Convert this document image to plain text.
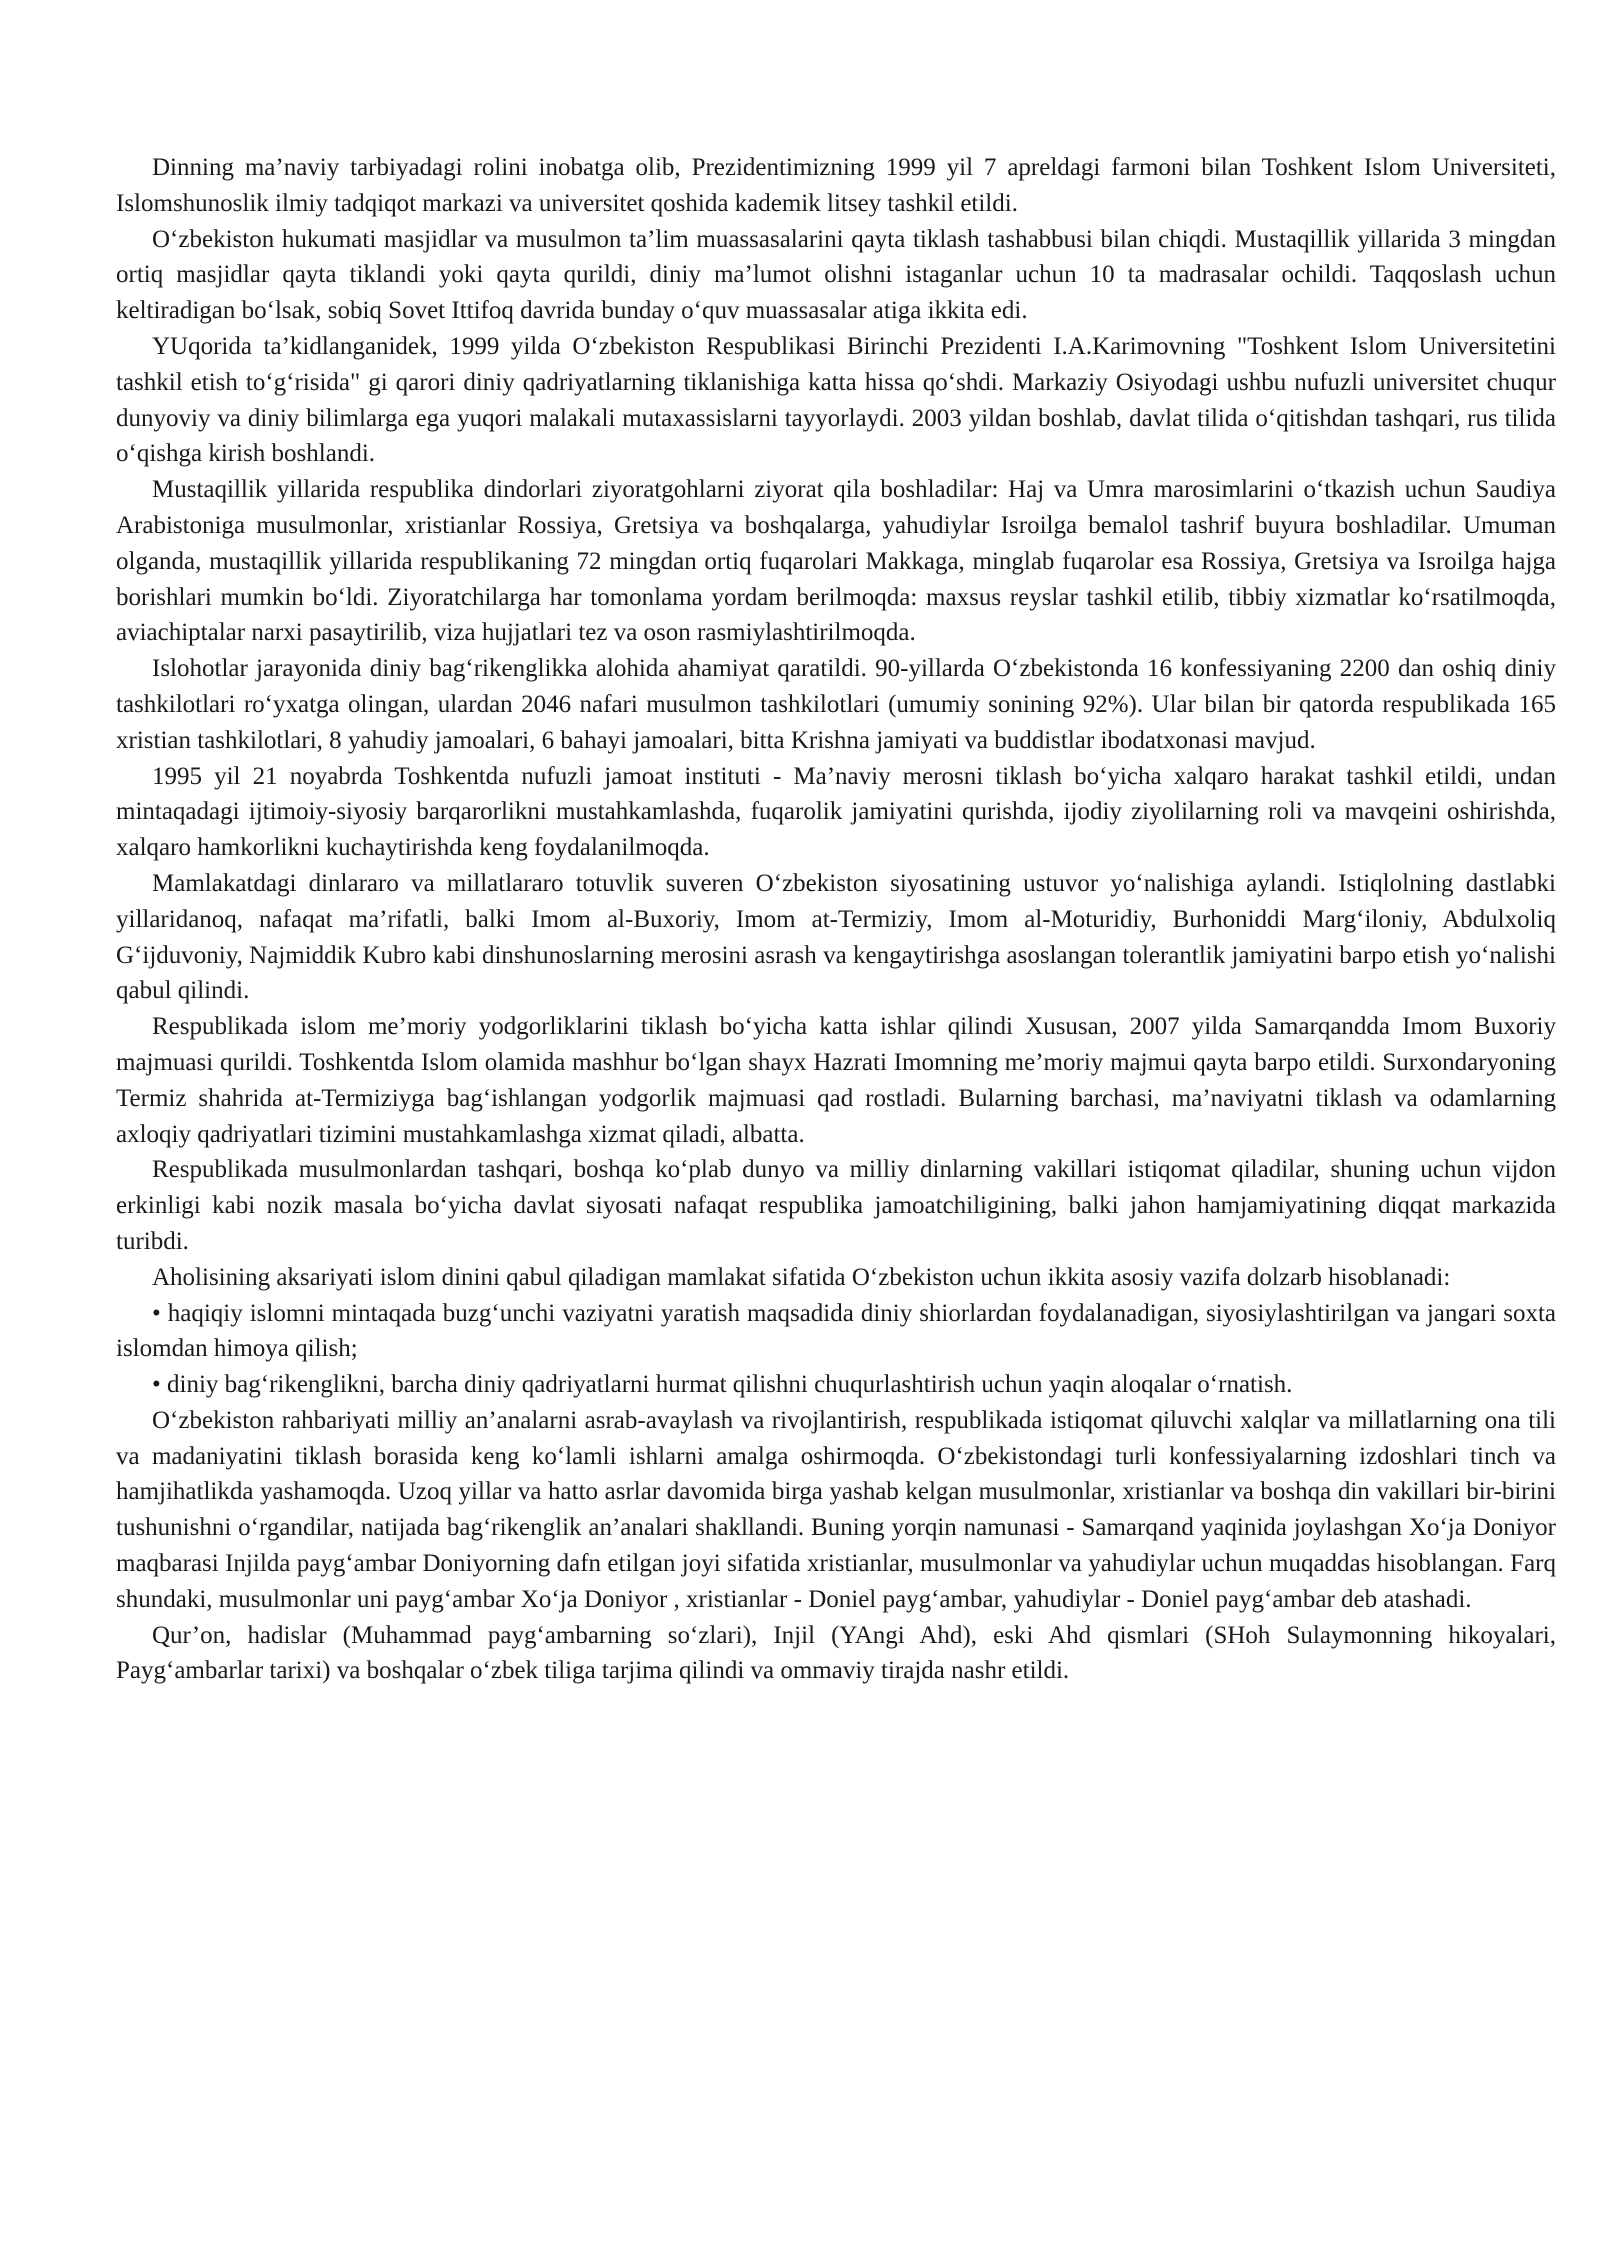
Dinning ma’naviy tarbiyadagi rolini inobatga olib, Prezidentimizning 1999 yil 7 apreldagi farmoni bilan Toshkent Islom Universiteti, Islomshunoslik ilmiy tadqiqot markazi va universitet qoshida kademik litsey tashkil etildi.

O‘zbekiston hukumati masjidlar va musulmon ta’lim muassasalarini qayta tiklash tashabbusi bilan chiqdi. Mustaqillik yillarida 3 mingdan ortiq masjidlar qayta tiklandi yoki qayta qurildi, diniy ma’lumot olishni istaganlar uchun 10 ta madrasalar ochildi. Taqqoslash uchun keltiradigan bo‘lsak, sobiq Sovet Ittifoq davrida bunday o‘quv muassasalar atiga ikkita edi.

YUqorida ta’kidlanganidek, 1999 yilda O‘zbekiston Respublikasi Birinchi Prezidenti I.A.Karimovning "Toshkent Islom Universitetini tashkil etish to‘g‘risida" gi qarori diniy qadriyatlarning tiklanishiga katta hissa qo‘shdi. Markaziy Osiyodagi ushbu nufuzli universitet chuqur dunyoviy va diniy bilimlarga ega yuqori malakali mutaxassislarni tayyorlaydi. 2003 yildan boshlab, davlat tilida o‘qitishdan tashqari, rus tilida o‘qishga kirish boshlandi.

Mustaqillik yillarida respublika dindorlari ziyoratgohlarni ziyorat qila boshladilar: Haj va Umra marosimlarini o‘tkazish uchun Saudiya Arabistoniga musulmonlar, xristianlar Rossiya, Gretsiya va boshqalarga, yahudiylar Isroilga bemalol tashrif buyura boshladilar. Umuman olganda, mustaqillik yillarida respublikaning 72 mingdan ortiq fuqarolari Makkaga, minglab fuqarolar esa Rossiya, Gretsiya va Isroilga hajga borishlari mumkin bo‘ldi. Ziyoratchilarga har tomonlama yordam berilmoqda: maxsus reyslar tashkil etilib, tibbiy xizmatlar ko‘rsatilmoqda, aviachiptalar narxi pasaytirilib, viza hujjatlari tez va oson rasmiylashtirilmoqda.

Islohotlar jarayonida diniy bag‘rikenglikka alohida ahamiyat qaratildi. 90-yillarda O‘zbekistonda 16 konfessiyaning 2200 dan oshiq diniy tashkilotlari ro‘yxatga olingan, ulardan 2046 nafari musulmon tashkilotlari (umumiy sonining 92%). Ular bilan bir qatorda respublikada 165 xristian tashkilotlari, 8 yahudiy jamoalari, 6 bahayi jamoalari, bitta Krishna jamiyati va buddistlar ibodatxonasi mavjud.

1995 yil 21 noyabrda Toshkentda nufuzli jamoat instituti - Ma’naviy merosni tiklash bo‘yicha xalqaro harakat tashkil etildi, undan mintaqadagi ijtimoiy-siyosiy barqarorlikni mustahkamlashda, fuqarolik jamiyatini qurishda, ijodiy ziyolilarning roli va mavqeini oshirishda, xalqaro hamkorlikni kuchaytirishda keng foydalanilmoqda.

Mamlakatdagi dinlararo va millatlararo totuvlik suveren O‘zbekiston siyosatining ustuvor yo‘nalishiga aylandi. Istiqlolning dastlabki yillaridanoq, nafaqat ma’rifatli, balki Imom al-Buxoriy, Imom at-Termiziy, Imom al-Moturidiy, Burhoniddi Marg‘iloniy, Abdulxoliq G‘ijduvoniy, Najmiddik Kubro kabi dinshunoslarning merosini asrash va kengaytirishga asoslangan tolerantlik jamiyatini barpo etish yo‘nalishi qabul qilindi.

Respublikada islom me’moriy yodgorliklarini tiklash bo‘yicha katta ishlar qilindi Xususan, 2007 yilda Samarqandda Imom Buxoriy majmuasi qurildi. Toshkentda Islom olamida mashhur bo‘lgan shayx Hazrati Imomning me’moriy majmui qayta barpo etildi. Surxondaryoning Termiz shahrida at-Termiziyga bag‘ishlangan yodgorlik majmuasi qad rostladi. Bularning barchasi, ma’naviyatni tiklash va odamlarning axloqiy qadriyatlari tizimini mustahkamlashga xizmat qiladi, albatta.

Respublikada musulmonlardan tashqari, boshqa ko‘plab dunyo va milliy dinlarning vakillari istiqomat qiladilar, shuning uchun vijdon erkinligi kabi nozik masala bo‘yicha davlat siyosati nafaqat respublika jamoatchiligining, balki jahon hamjamiyatining diqqat markazida turibdi.

Aholisining aksariyati islom dinini qabul qiladigan mamlakat sifatida O‘zbekiston uchun ikkita asosiy vazifa dolzarb hisoblanadi:

• haqiqiy islomni mintaqada buzg‘unchi vaziyatni yaratish maqsadida diniy shiorlardan foydalanadigan, siyosiylashtirilgan va jangari soxta islomdan himoya qilish;

• diniy bag‘rikenglikni, barcha diniy qadriyatlarni hurmat qilishni chuqurlashtirish uchun yaqin aloqalar o‘rnatish.

O‘zbekiston rahbariyati milliy an’analarni asrab-avaylash va rivojlantirish, respublikada istiqomat qiluvchi xalqlar va millatlarning ona tili va madaniyatini tiklash borasida keng ko‘lamli ishlarni amalga oshirmoqda. O‘zbekistondagi turli konfessiyalarning izdoshlari tinch va hamjihatlikda yashamoqda. Uzoq yillar va hatto asrlar davomida birga yashab kelgan musulmonlar, xristianlar va boshqa din vakillari bir-birini tushunishni o‘rgandilar, natijada bag‘rikenglik an’analari shakllandi. Buning yorqin namunasi - Samarqand yaqinida joylashgan Xo‘ja Doniyor maqbarasi Injilda payg‘ambar Doniyorning dafn etilgan joyi sifatida xristianlar, musulmonlar va yahudiylar uchun muqaddas hisoblangan. Farq shundaki, musulmonlar uni payg‘ambar Xo‘ja Doniyor , xristianlar - Doniel payg‘ambar, yahudiylar - Doniel payg‘ambar deb atashadi.

Qur’on, hadislar (Muhammad payg‘ambarning so‘zlari), Injil (YAngi Ahd), eski Ahd qismlari (SHoh Sulaymonning hikoyalari, Payg‘ambarlar tarixi) va boshqalar o‘zbek tiliga tarjima qilindi va ommaviy tirajda nashr etildi.
